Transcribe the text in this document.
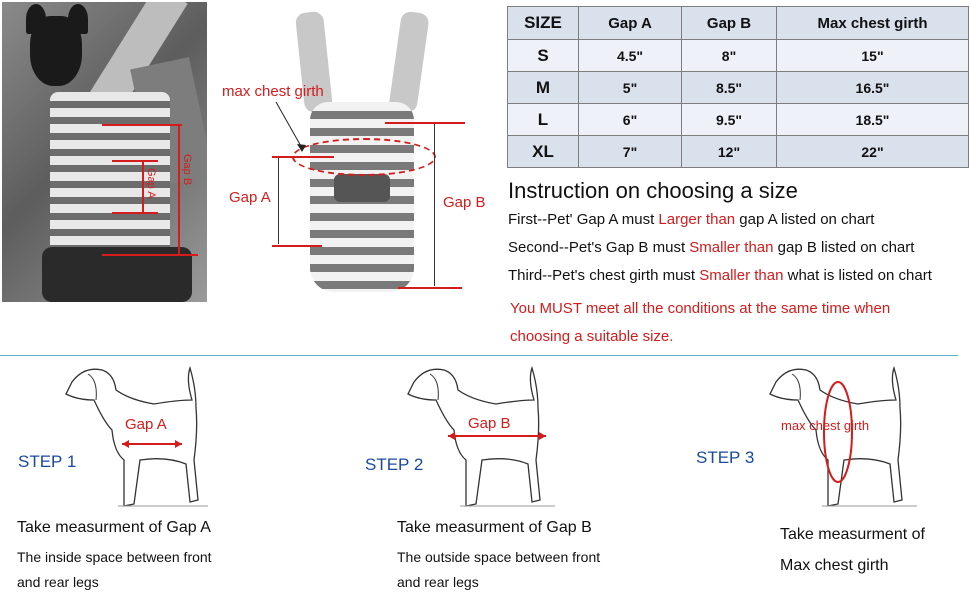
Gap A Gap B
max chest girth
Gap A	Gap B
SIZE	Gap A	Gap B	Max chest girth
S	4.5"	8"	15"
M	5"	8.5"	16.5"
L	6"	9.5"	18.5"
XL	7"	12"	22"
Instruction on choosing a size
First--Pet' Gap A must Larger than gap A listed on chart
Second--Pet's Gap B must Smaller than gap B listed on chart
Third--Pet's chest girth must Smaller than what is listed on chart
You MUST meet all the conditions at the same time when
choosing a suitable size.
Gap A
STEP 1
Take measurment of Gap A
The inside space between front
and rear legs
Gap B
STEP 2
Take measurment of Gap B
The outside space between front
and rear legs
max chest girth
STEP 3
Take measurment of
Max chest girth
